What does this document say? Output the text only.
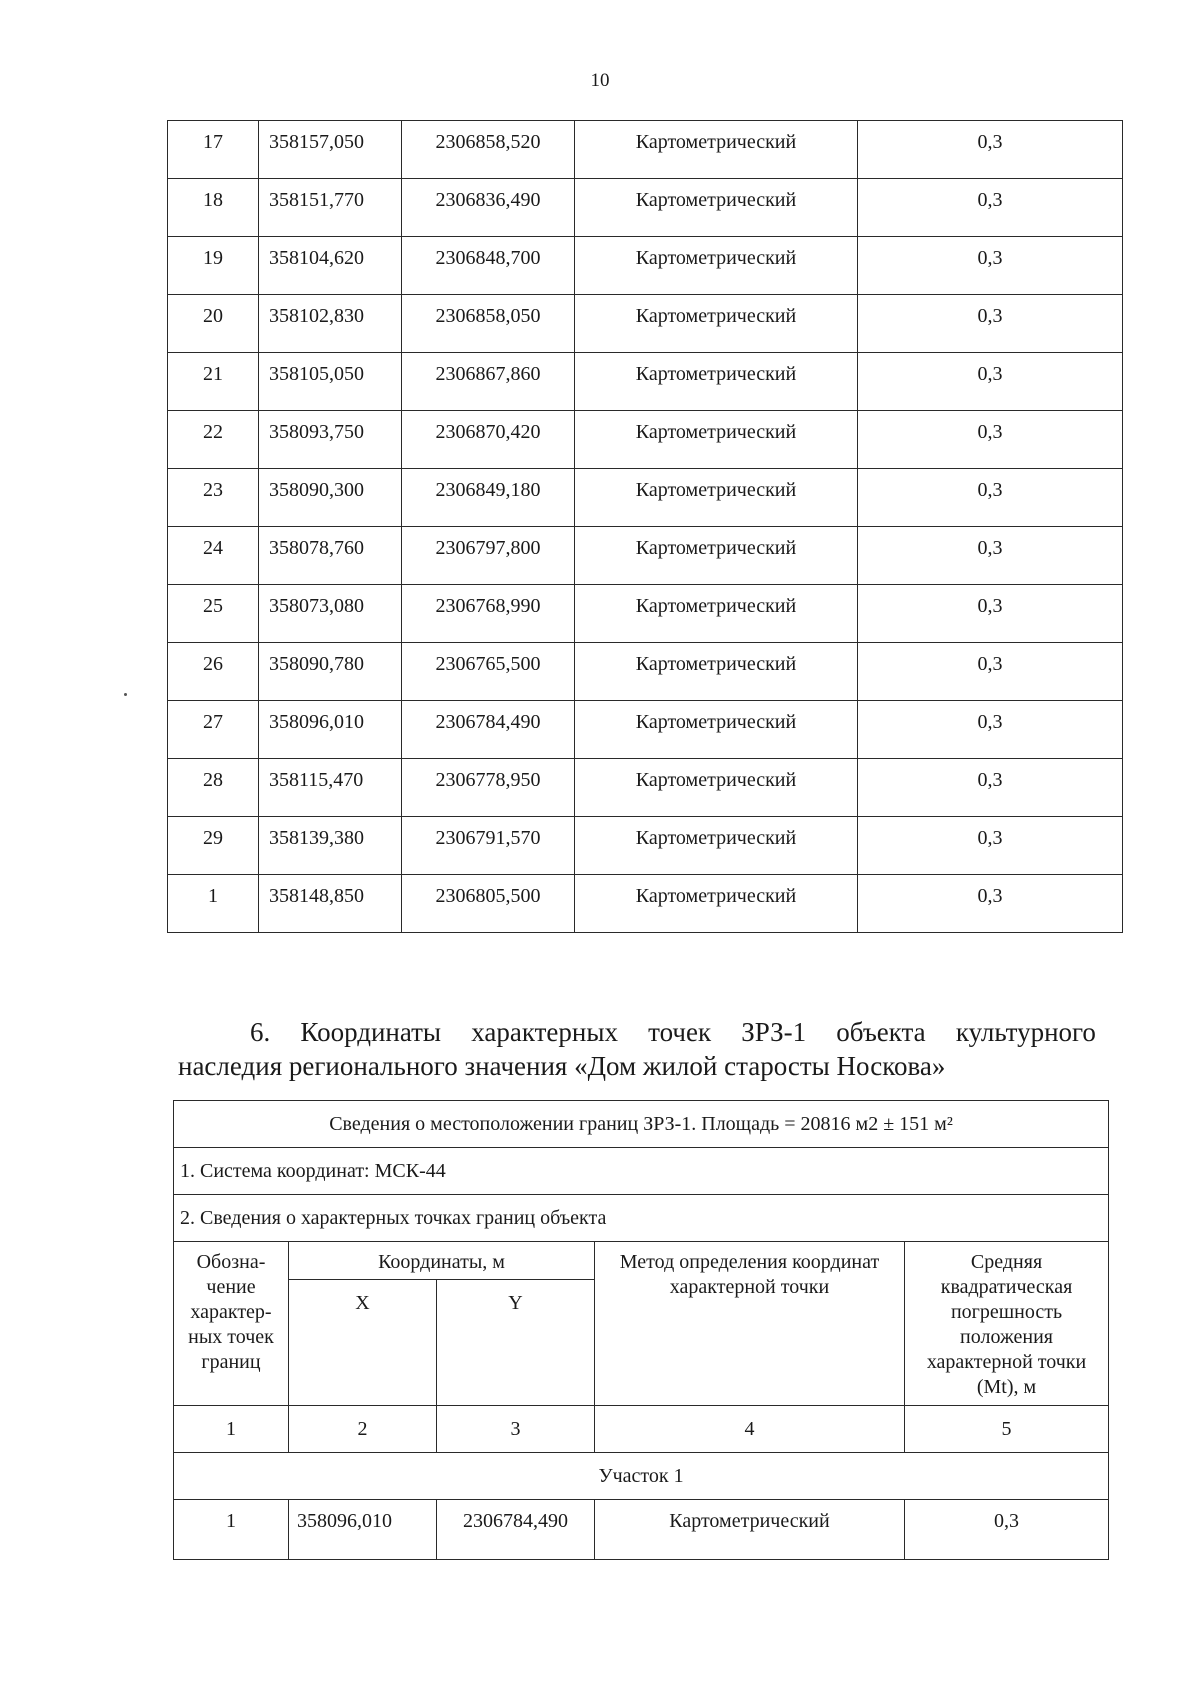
10
17	358157,050	2306858,520	Картометрический	0,3
18	358151,770	2306836,490	Картометрический	0,3
19	358104,620	2306848,700	Картометрический	0,3
20	358102,830	2306858,050	Картометрический	0,3
21	358105,050	2306867,860	Картометрический	0,3
22	358093,750	2306870,420	Картометрический	0,3
23	358090,300	2306849,180	Картометрический	0,3
24	358078,760	2306797,800	Картометрический	0,3
25	358073,080	2306768,990	Картометрический	0,3
26	358090,780	2306765,500	Картометрический	0,3
27	358096,010	2306784,490	Картометрический	0,3
28	358115,470	2306778,950	Картометрический	0,3
29	358139,380	2306791,570	Картометрический	0,3
1	358148,850	2306805,500	Картометрический	0,3
6. Координаты характерных точек ЗРЗ-1 объекта культурного
наследия регионального значения «Дом жилой старосты Носкова»
Сведения о местоположении границ ЗРЗ-1. Площадь = 20816 м2 ± 151 м²				
1. Система координат: МСК-44				
2. Сведения о характерных точках границ объекта				
Обозна- чение характер- ных точек границ	Координаты, м		Метод определения координат характерной точки	Средняя квадратическая погрешность положения характерной точки (Mt), м
	X	Y		
1	2	3	4	5
Участок 1				
1	358096,010	2306784,490	Картометрический	0,3
